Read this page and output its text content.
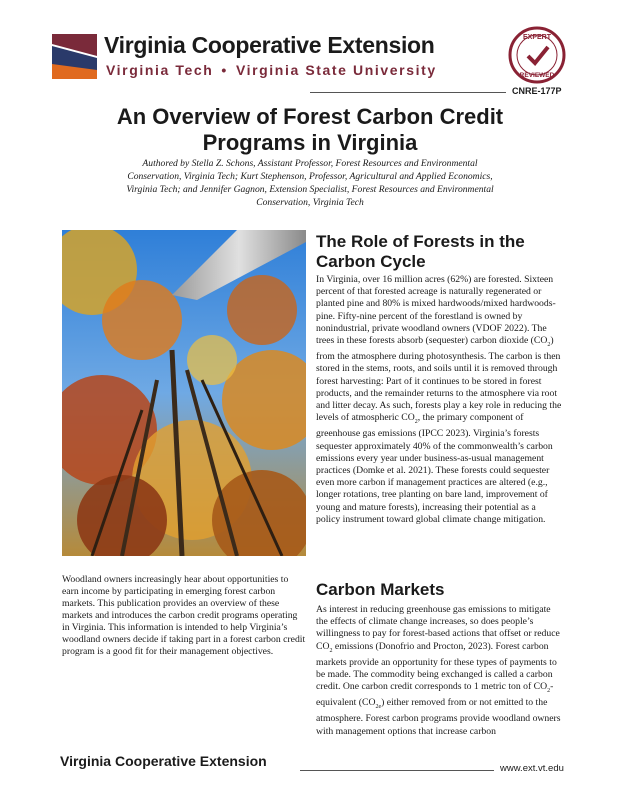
Virginia Cooperative Extension
Virginia Tech • Virginia State University
EXPERT
REVIEWED
CNRE-177P
An Overview of Forest Carbon Credit
Programs in Virginia

Authored by Stella Z. Schons, Assistant Professor, Forest Resources and Environmental Conservation, Virginia Tech; Kurt Stephenson, Professor, Agricultural and Applied Economics, Virginia Tech; and Jennifer Gagnon, Extension Specialist, Forest Resources and Environmental Conservation, Virginia Tech

Woodland owners increasingly hear about opportunities to earn income by participating in emerging forest carbon markets. This publication provides an overview of these markets and introduces the carbon credit programs operating in Virginia. This information is intended to help Virginia’s woodland owners decide if taking part in a forest carbon credit program is a good fit for their management objectives.

The Role of Forests in the
Carbon Cycle

In Virginia, over 16 million acres (62%) are forested. Sixteen percent of that forested acreage is naturally regenerated or planted pine and 80% is mixed hardwoods/mixed hardwoods-pine. Fifty-nine percent of the forestland is owned by nonindustrial, private woodland owners (VDOF 2022). The trees in these forests absorb (sequester) carbon dioxide $(CO_2)$ from the atmosphere during photosynthesis. The carbon is then stored in the stems, roots, and soils until it is removed through forest harvesting: Part of it continues to be stored in forest products, and the remainder returns to the atmosphere via root and litter decay. As such, forests play a key role in reducing the levels of atmospheric $CO_2$, the primary component of greenhouse gas emissions (IPCC 2023). Virginia’s forests sequester approximately 40% of the commonwealth’s carbon emissions every year under business-as-usual management practices (Domke et al. 2021). These forests could sequester even more carbon if management practices are altered (e.g., longer rotations, tree planting on bare land, improvement of young and mature forests), increasing their potential as a policy instrument toward global climate change mitigation.

Carbon Markets

As interest in reducing greenhouse gas emissions to mitigate the effects of climate change increases, so does people’s willingness to pay for forest-based actions that offset or reduce $CO_2$ emissions (Donofrio and Procton, 2023). Forest carbon markets provide an opportunity for these types of payments to be made. The commodity being exchanged is called a carbon credit. One carbon credit corresponds to 1 metric ton of $CO_2$-equivalent $(CO_{2e})$ either removed from or not emitted to the atmosphere. Forest carbon programs provide woodland owners with management options that increase carbon

Virginia Cooperative Extension	www.ext.vt.edu
